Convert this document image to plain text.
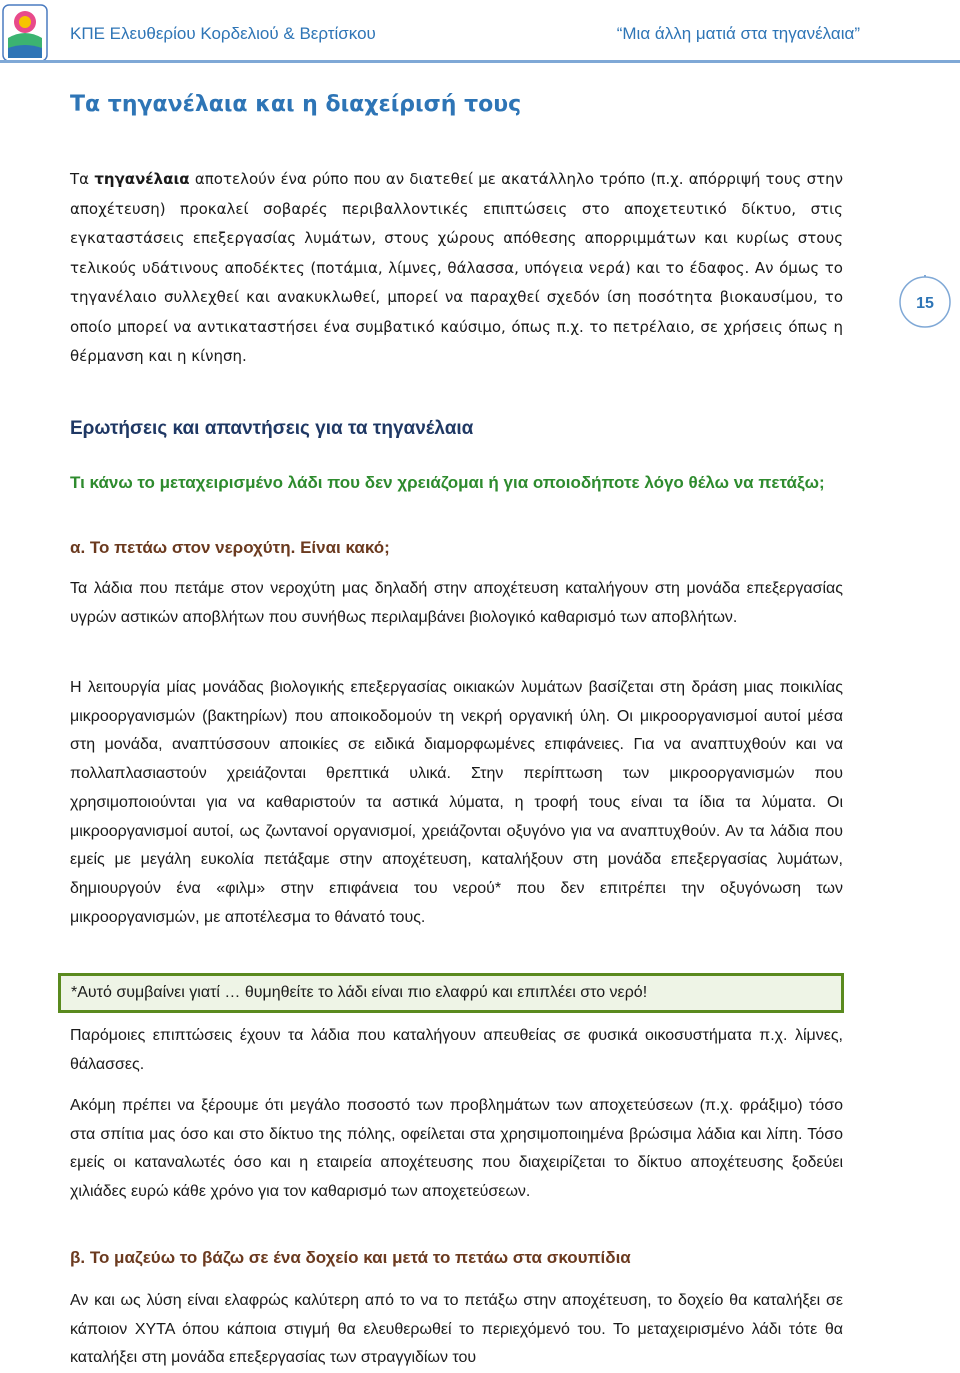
ΚΠΕ Ελευθερίου Κορδελιού & Βερτίσκου	“Μια άλλη ματιά στα τηγανέλαια”
15
Τα τηγανέλαια και η διαχείρισή τους

Τα τηγανέλαια αποτελούν ένα ρύπο που αν διατεθεί με ακατάλληλο τρόπο (π.χ. απόρριψή τους στην αποχέτευση) προκαλεί σοβαρές περιβαλλοντικές επιπτώσεις στο αποχετευτικό δίκτυο, στις εγκαταστάσεις επεξεργασίας λυμάτων, στους χώρους απόθεσης απορριμμάτων και κυρίως στους τελικούς υδάτινους αποδέκτες (ποτάμια, λίμνες, θάλασσα, υπόγεια νερά) και το έδαφος. Αν όμως το τηγανέλαιο συλλεχθεί και ανακυκλωθεί, μπορεί να παραχθεί σχεδόν ίση ποσότητα βιοκαυσίμου, το οποίο μπορεί να αντικαταστήσει ένα συμβατικό καύσιμο, όπως π.χ. το πετρέλαιο, σε χρήσεις όπως η θέρμανση και η κίνηση.

Ερωτήσεις και απαντήσεις για τα τηγανέλαια

Τι κάνω το μεταχειρισμένο λάδι που δεν χρειάζομαι ή για οποιοδήποτε λόγο θέλω να πετάξω;

α. Το πετάω στον νεροχύτη. Είναι κακό;

Τα λάδια που πετάμε στον νεροχύτη μας δηλαδή στην αποχέτευση καταλήγουν στη μονάδα επεξεργασίας υγρών αστικών αποβλήτων που συνήθως περιλαμβάνει βιολογικό καθαρισμό των αποβλήτων.

Η λειτουργία μίας μονάδας βιολογικής επεξεργασίας οικιακών λυμάτων βασίζεται στη δράση μιας ποικιλίας μικροοργανισμών (βακτηρίων) που αποικοδομούν τη νεκρή οργανική ύλη. Οι μικροοργανισμοί αυτοί μέσα στη μονάδα, αναπτύσσουν αποικίες σε ειδικά διαμορφωμένες επιφάνειες. Για να αναπτυχθούν και να πολλαπλασιαστούν χρειάζονται θρεπτικά υλικά. Στην περίπτωση των μικροοργανισμών που χρησιμοποιούνται για να καθαριστούν τα αστικά λύματα, η τροφή τους είναι τα ίδια τα λύματα. Οι μικροοργανισμοί αυτοί, ως ζωντανοί οργανισμοί, χρειάζονται οξυγόνο για να αναπτυχθούν. Αν τα λάδια που εμείς με μεγάλη ευκολία πετάξαμε στην αποχέτευση, καταλήξουν στη μονάδα επεξεργασίας λυμάτων, δημιουργούν ένα «φιλμ» στην επιφάνεια του νερού* που δεν επιτρέπει την οξυγόνωση των μικροοργανισμών, με αποτέλεσμα το θάνατό τους.

Παρόμοιες επιπτώσεις έχουν τα λάδια που καταλήγουν απευθείας σε φυσικά οικοσυστήματα π.χ. λίμνες, θάλασσες.

Ακόμη πρέπει να ξέρουμε ότι μεγάλο ποσοστό των προβλημάτων των αποχετεύσεων (π.χ. φράξιμο) τόσο στα σπίτια μας όσο και στο δίκτυο της πόλης, οφείλεται στα χρησιμοποιημένα βρώσιμα λάδια και λίπη. Τόσο εμείς οι καταναλωτές όσο και η εταιρεία αποχέτευσης που διαχειρίζεται το δίκτυο αποχέτευσης ξοδεύει χιλιάδες ευρώ κάθε χρόνο για τον καθαρισμό των αποχετεύσεων.

β. Το μαζεύω το βάζω σε ένα δοχείο και μετά το πετάω στα σκουπίδια

Αν και ως λύση είναι ελαφρώς καλύτερη από το να το πετάξω στην αποχέτευση, το δοχείο θα καταλήξει σε κάποιον ΧΥΤΑ όπου κάποια στιγμή θα ελευθερωθεί το περιεχόμενό του. Το μεταχειρισμένο λάδι τότε θα καταλήξει στη μονάδα επεξεργασίας των στραγγιδίων του

*Αυτό συμβαίνει γιατί … θυμηθείτε το λάδι είναι πιο ελαφρύ και επιπλέει στο νερό!
